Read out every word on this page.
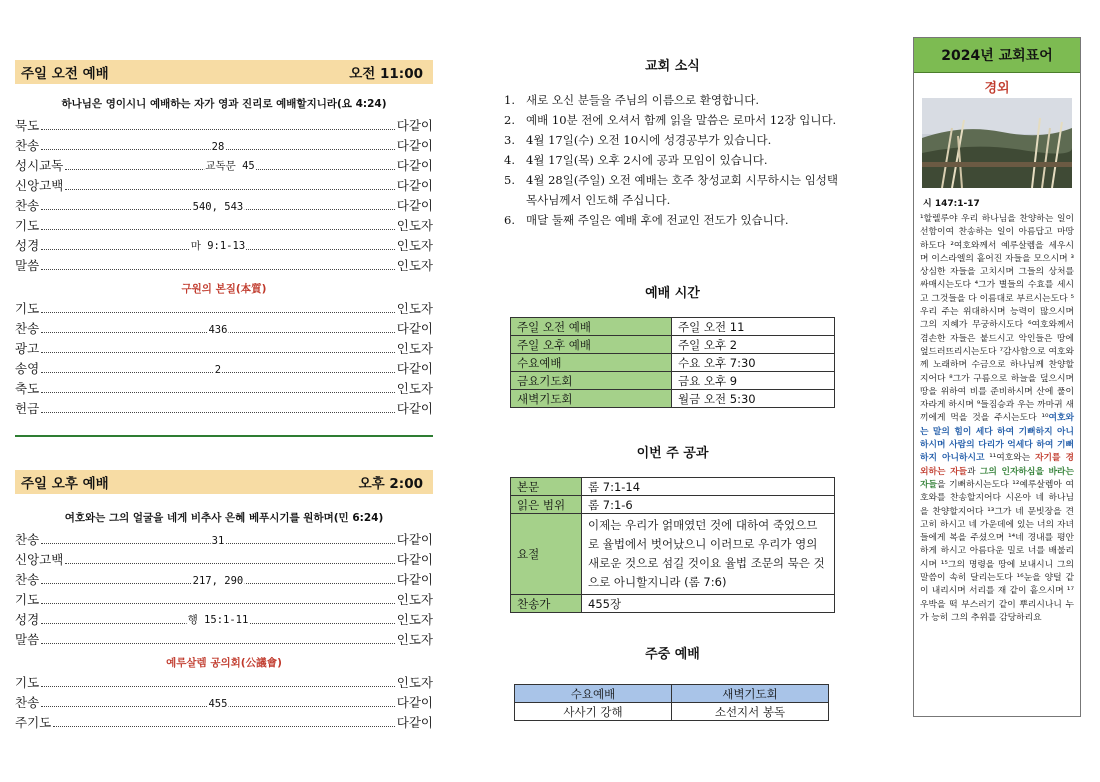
주일 오전 예배	오전 11:00
하나님은 영이시니 예배하는 자가 영과 진리로 예배할지니라(요 4:24)
묵도	다같이
찬송	28	다같이
성시교독	교독문 45	다같이
신앙고백	다같이
찬송	540, 543	다같이
기도	인도자
성경	마 9:1-13	인도자
말씀	인도자
구원의 본질(本質)
기도	인도자
찬송	436	다같이
광고	인도자
송영	2	다같이
축도	인도자
헌금	다같이
주일 오후 예배	오후 2:00
여호와는 그의 얼굴을 네게 비추사 은혜 베푸시기를 원하며(민 6:24)
찬송	31	다같이
신앙고백	다같이
찬송	217, 290	다같이
기도	인도자
성경	행 15:1-11	인도자
말씀	인도자
예루살렘 공의회(公議會)
기도	인도자
찬송	455	다같이
주기도	다같이
교회 소식
1. 새로 오신 분들을 주님의 이름으로 환영합니다.
2. 예배 10분 전에 오셔서 함께 읽을 말씀은 로마서 12장 입니다.
3. 4월 17일(수) 오전 10시에 성경공부가 있습니다.
4. 4월 17일(목) 오후 2시에 공과 모임이 있습니다.
5. 4월 28일(주일) 오전 예배는 호주 창성교회 시무하시는 임성택 목사님께서 인도해 주십니다.
6. 매달 둘째 주일은 예배 후에 전교인 전도가 있습니다.
예배 시간
주일 오전 예배	주일 오전 11
주일 오후 예배	주일 오후 2
수요예배	수요 오후 7:30
금요기도회	금요 오후 9
새벽기도회	월금 오전 5:30
이번 주 공과
본문	롬 7:1-14
읽은 범위	롬 7:1-6
요절	이제는 우리가 얽매였던 것에 대하여 죽었으므로 율법에서 벗어났으니 이러므로 우리가 영의 새로운 것으로 섬길 것이요 율법 조문의 묵은 것으로 아니할지니라 (롬 7:6)
찬송가	455장
주중 예배
수요예배	새벽기도회
사사기 강해	소선지서 봉독
2024년 교회표어
경외
시 147:1-17
¹할렐루야 우리 하나님을 찬양하는 일이 선함이여 찬송하는 일이 아름답고 마땅하도다 ²여호와께서 예루살렘을 세우시며 이스라엘의 흩어진 자들을 모으시며 ³상심한 자들을 고치시며 그들의 상처를 싸매시는도다 ⁴그가 별들의 수효를 세시고 그것들을 다 이름대로 부르시는도다 ⁵우리 주는 위대하시며 능력이 많으시며 그의 지혜가 무궁하시도다 ⁶여호와께서 겸손한 자들은 붙드시고 악인들은 땅에 엎드러뜨리시는도다 ⁷감사함으로 여호와께 노래하며 수금으로 하나님께 찬양할지어다 ⁸그가 구름으로 하늘을 덮으시며 땅을 위하여 비를 준비하시며 산에 풀이 자라게 하시며 ⁹들짐승과 우는 까마귀 새끼에게 먹을 것을 주시는도다 ¹⁰여호와는 말의 힘이 세다 하여 기뻐하지 아니하시며 사람의 다리가 억세다 하여 기뻐하지 아니하시고 ¹¹여호와는 자기를 경외하는 자들과 그의 인자하심을 바라는 자들을 기뻐하시는도다 ¹²예루살렘아 여호와를 찬송할지어다 시온아 네 하나님을 찬양할지어다 ¹³그가 네 문빗장을 견고히 하시고 네 가운데에 있는 너의 자녀들에게 복을 주셨으며 ¹⁴네 경내를 평안하게 하시고 아름다운 밀로 너를 배불리시며 ¹⁵그의 명령을 땅에 보내시니 그의 말씀이 속히 달리는도다 ¹⁶눈을 양털 같이 내리시며 서리를 재 같이 흩으시며 ¹⁷우박을 떡 부스러기 같이 뿌리시나니 누가 능히 그의 추위를 감당하리요
